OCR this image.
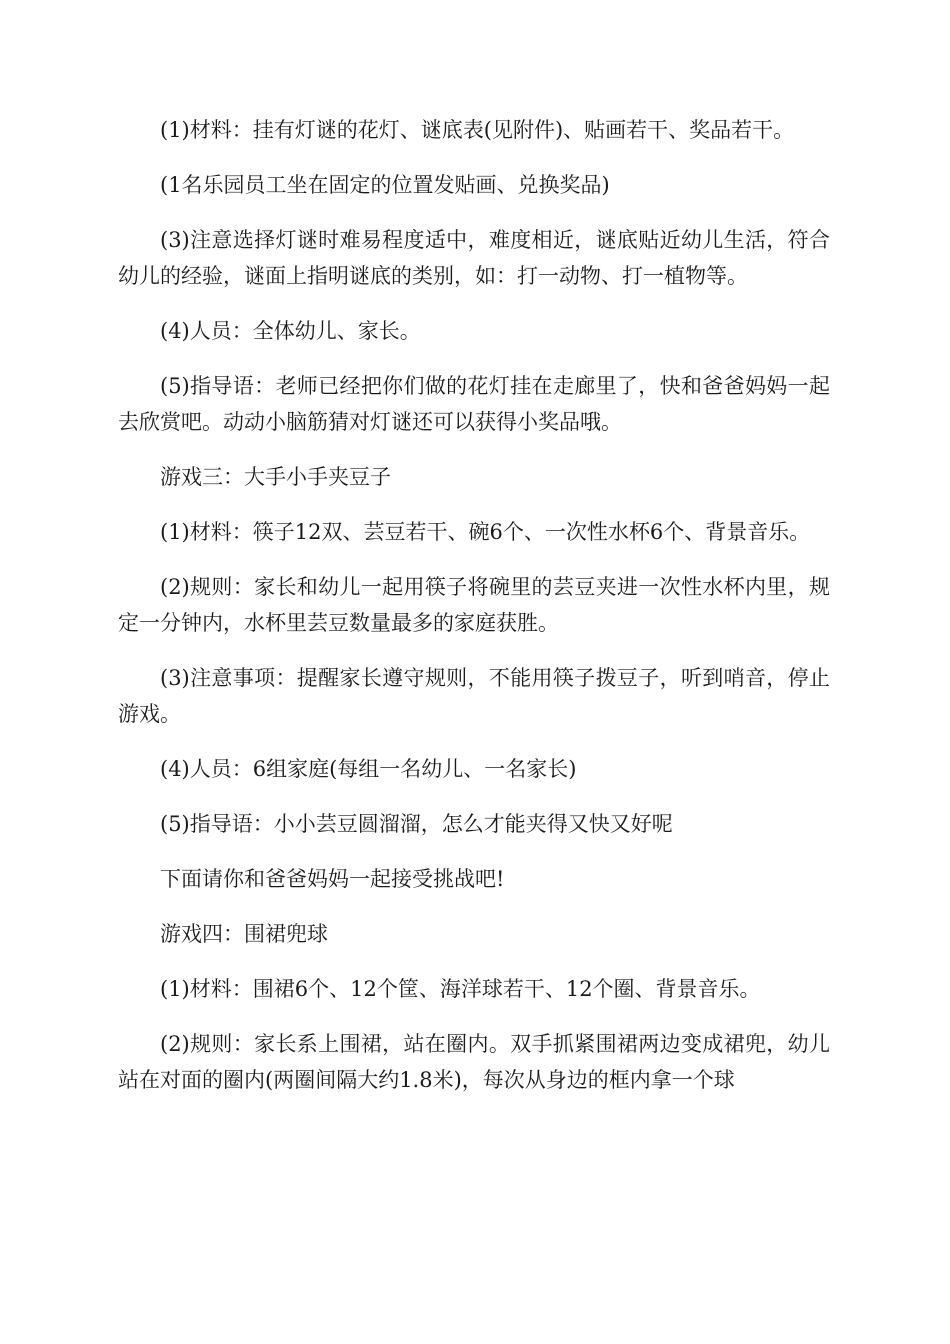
(1)材料：挂有灯谜的花灯、谜底表(见附件)、贴画若干、奖品若干。

(1名乐园员工坐在固定的位置发贴画、兑换奖品)

(3)注意选择灯谜时难易程度适中，难度相近，谜底贴近幼儿生活，符合幼儿的经验，谜面上指明谜底的类别，如：打一动物、打一植物等。

(4)人员：全体幼儿、家长。

(5)指导语：老师已经把你们做的花灯挂在走廊里了，快和爸爸妈妈一起去欣赏吧。动动小脑筋猜对灯谜还可以获得小奖品哦。

游戏三：大手小手夹豆子

(1)材料：筷子12双、芸豆若干、碗6个、一次性水杯6个、背景音乐。

(2)规则：家长和幼儿一起用筷子将碗里的芸豆夹进一次性水杯内里，规定一分钟内，水杯里芸豆数量最多的家庭获胜。

(3)注意事项：提醒家长遵守规则，不能用筷子拨豆子，听到哨音，停止游戏。

(4)人员：6组家庭(每组一名幼儿、一名家长)

(5)指导语：小小芸豆圆溜溜，怎么才能夹得又快又好呢

下面请你和爸爸妈妈一起接受挑战吧!

游戏四：围裙兜球

(1)材料：围裙6个、12个筐、海洋球若干、12个圈、背景音乐。

(2)规则：家长系上围裙，站在圈内。双手抓紧围裙两边变成裙兜，幼儿站在对面的圈内(两圈间隔大约1.8米)，每次从身边的框内拿一个球
